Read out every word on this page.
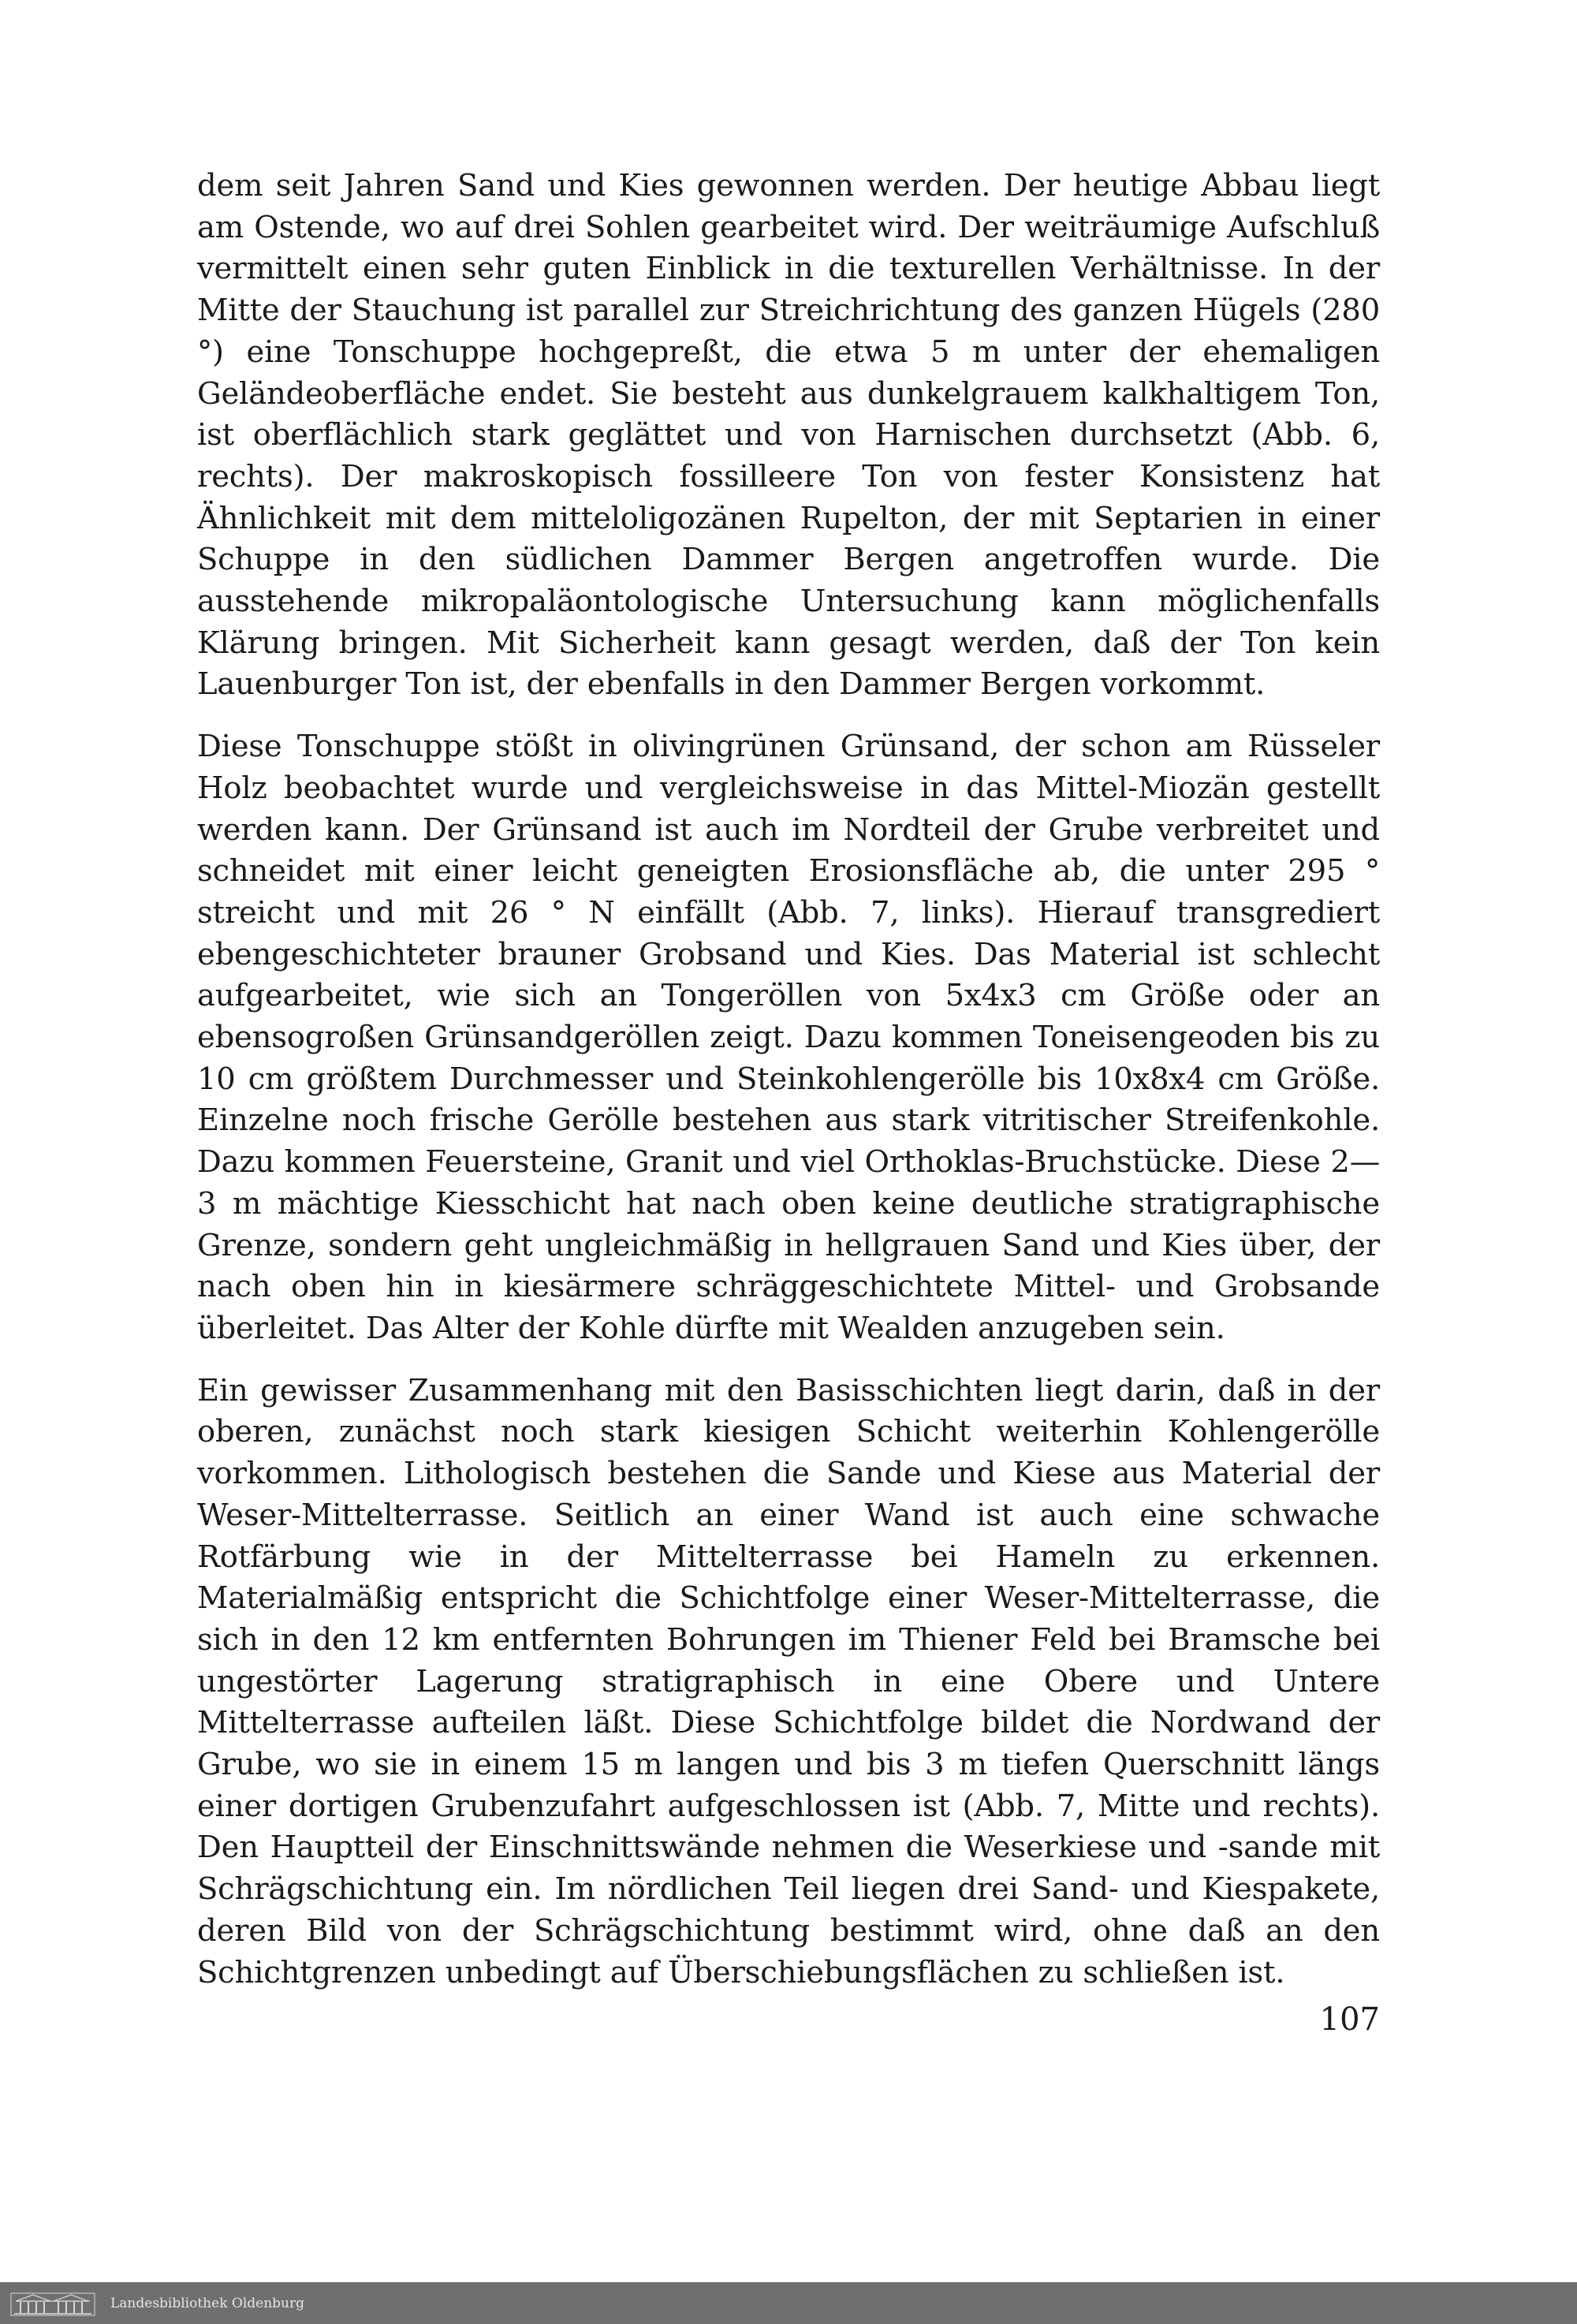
dem seit Jahren Sand und Kies gewonnen werden. Der heutige Abbau liegt am Ostende, wo auf drei Sohlen gearbeitet wird. Der weiträumige Aufschluß vermittelt einen sehr guten Einblick in die texturellen Verhältnisse. In der Mitte der Stauchung ist parallel zur Streichrichtung des ganzen Hügels (280 °) eine Tonschuppe hochgepreßt, die etwa 5 m unter der ehemaligen Geländeoberfläche endet. Sie besteht aus dunkelgrauem kalkhaltigem Ton, ist oberflächlich stark geglättet und von Harnischen durchsetzt (Abb. 6, rechts). Der makroskopisch fossilleere Ton von fester Konsistenz hat Ähnlichkeit mit dem mitteloligozänen Rupelton, der mit Septarien in einer Schuppe in den südlichen Dammer Bergen angetroffen wurde. Die ausstehende mikropaläontologische Untersuchung kann möglichenfalls Klärung bringen. Mit Sicherheit kann gesagt werden, daß der Ton kein Lauenburger Ton ist, der ebenfalls in den Dammer Bergen vorkommt.

Diese Tonschuppe stößt in olivingrünen Grünsand, der schon am Rüsseler Holz beobachtet wurde und vergleichsweise in das Mittel-Miozän gestellt werden kann. Der Grünsand ist auch im Nordteil der Grube verbreitet und schneidet mit einer leicht geneigten Erosionsfläche ab, die unter 295 ° streicht und mit 26 ° N einfällt (Abb. 7, links). Hierauf transgrediert ebengeschichteter brauner Grobsand und Kies. Das Material ist schlecht aufgearbeitet, wie sich an Tongeröllen von 5x4x3 cm Größe oder an ebensogroßen Grünsandgeröllen zeigt. Dazu kommen Toneisengeoden bis zu 10 cm größtem Durchmesser und Steinkohlengerölle bis 10x8x4 cm Größe. Einzelne noch frische Gerölle bestehen aus stark vitritischer Streifenkohle. Dazu kommen Feuersteine, Granit und viel Orthoklas-Bruchstücke. Diese 2—3 m mächtige Kiesschicht hat nach oben keine deutliche stratigraphische Grenze, sondern geht ungleichmäßig in hellgrauen Sand und Kies über, der nach oben hin in kiesärmere schräggeschichtete Mittel- und Grobsande überleitet. Das Alter der Kohle dürfte mit Wealden anzugeben sein.

Ein gewisser Zusammenhang mit den Basisschichten liegt darin, daß in der oberen, zunächst noch stark kiesigen Schicht weiterhin Kohlengerölle vorkommen. Lithologisch bestehen die Sande und Kiese aus Material der Weser-Mittelterrasse. Seitlich an einer Wand ist auch eine schwache Rotfärbung wie in der Mittelterrasse bei Hameln zu erkennen. Materialmäßig entspricht die Schichtfolge einer Weser-Mittelterrasse, die sich in den 12 km entfernten Bohrungen im Thiener Feld bei Bramsche bei ungestörter Lagerung stratigraphisch in eine Obere und Untere Mittelterrasse aufteilen läßt. Diese Schichtfolge bildet die Nordwand der Grube, wo sie in einem 15 m langen und bis 3 m tiefen Querschnitt längs einer dortigen Grubenzufahrt aufgeschlossen ist (Abb. 7, Mitte und rechts). Den Hauptteil der Einschnittswände nehmen die Weserkiese und -sande mit Schrägschichtung ein. Im nördlichen Teil liegen drei Sand- und Kiespakete, deren Bild von der Schrägschichtung bestimmt wird, ohne daß an den Schichtgrenzen unbedingt auf Überschiebungsflächen zu schließen ist.

107

Landesbibliothek Oldenburg
